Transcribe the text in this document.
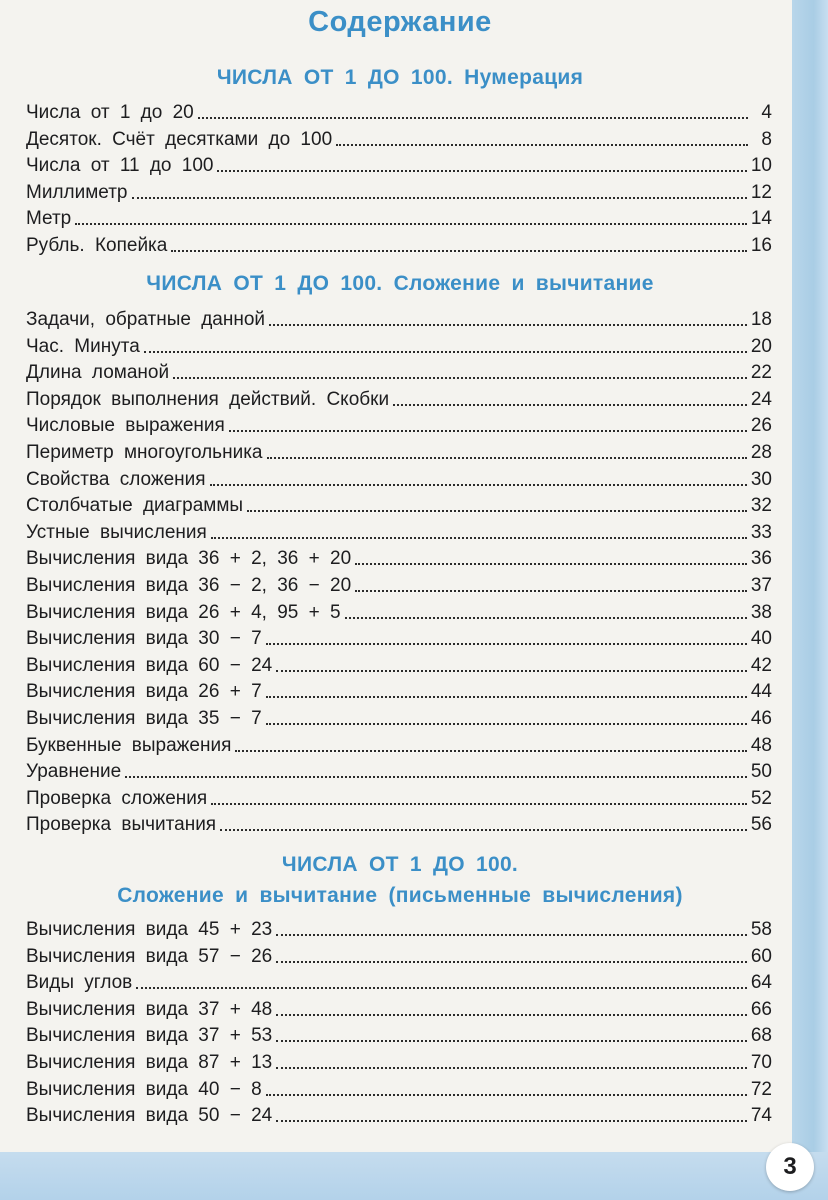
Содержание
ЧИСЛА ОТ 1 ДО 100. Нумерация
Числа от 1 до 20	4
Десяток. Счёт десятками до 100	8
Числа от 11 до 100	10
Миллиметр	12
Метр	14
Рубль. Копейка	16
ЧИСЛА ОТ 1 ДО 100. Сложение и вычитание
Задачи, обратные данной	18
Час. Минута	20
Длина ломаной	22
Порядок выполнения действий. Скобки	24
Числовые выражения	26
Периметр многоугольника	28
Свойства сложения	30
Столбчатые диаграммы	32
Устные вычисления	33
Вычисления вида 36 + 2, 36 + 20	36
Вычисления вида 36 − 2, 36 − 20	37
Вычисления вида 26 + 4, 95 + 5	38
Вычисления вида 30 − 7	40
Вычисления вида 60 − 24	42
Вычисления вида 26 + 7	44
Вычисления вида 35 − 7	46
Буквенные выражения	48
Уравнение	50
Проверка сложения	52
Проверка вычитания	56
ЧИСЛА ОТ 1 ДО 100.
Сложение и вычитание (письменные вычисления)
Вычисления вида 45 + 23	58
Вычисления вида 57 − 26	60
Виды углов	64
Вычисления вида 37 + 48	66
Вычисления вида 37 + 53	68
Вычисления вида 87 + 13	70
Вычисления вида 40 − 8	72
Вычисления вида 50 − 24	74
3
